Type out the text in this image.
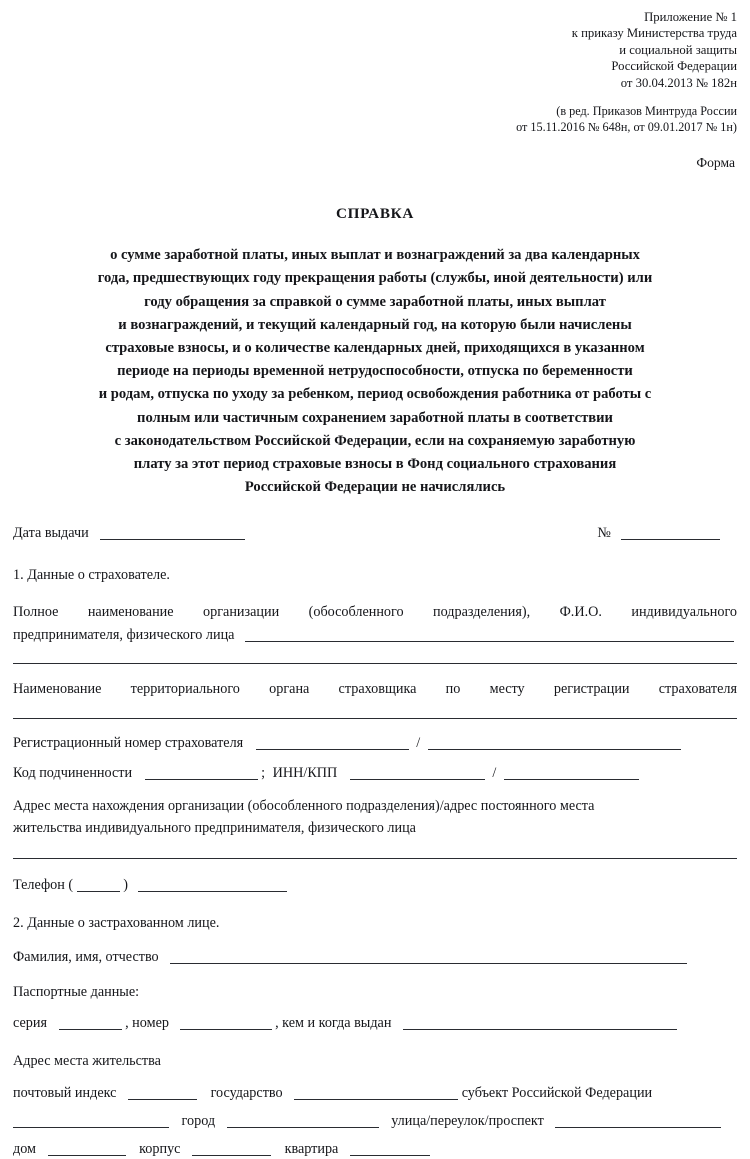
Приложение № 1
к приказу Министерства труда
и социальной защиты
Российской Федерации
от 30.04.2013 № 182н
(в ред. Приказов Минтруда России
от 15.11.2016 № 648н, от 09.01.2017 № 1н)
Форма
СПРАВКА
о сумме заработной платы, иных выплат и вознаграждений за два календарных
года, предшествующих году прекращения работы (службы, иной деятельности) или
году обращения за справкой о сумме заработной платы, иных выплат
и вознаграждений, и текущий календарный год, на которую были начислены
страховые взносы, и о количестве календарных дней, приходящихся в указанном
периоде на периоды временной нетрудоспособности, отпуска по беременности
и родам, отпуска по уходу за ребенком, период освобождения работника от работы с
полным или частичным сохранением заработной платы в соответствии
с законодательством Российской Федерации, если на сохраняемую заработную
плату за этот период страховые взносы в Фонд социального страхования
Российской Федерации не начислялись
Дата выдачи	№
1. Данные о страхователе.
Полное наименование организации (обособленного подразделения), Ф.И.О. индивидуального
предпринимателя, физического лица
Наименование территориального органа страховщика по месту регистрации страхователя
Регистрационный номер страхователя	/
Код подчиненности	; ИНН/КПП	/
Адрес места нахождения организации (обособленного подразделения)/адрес постоянного места
жительства индивидуального предпринимателя, физического лица
Телефон (	)
2. Данные о застрахованном лице.
Фамилия, имя, отчество
Паспортные данные:
серия	, номер	, кем и когда выдан
Адрес места жительства
почтовый индекс	государство	субъект Российской Федерации
город	улица/переулок/проспект
дом	корпус	квартира
